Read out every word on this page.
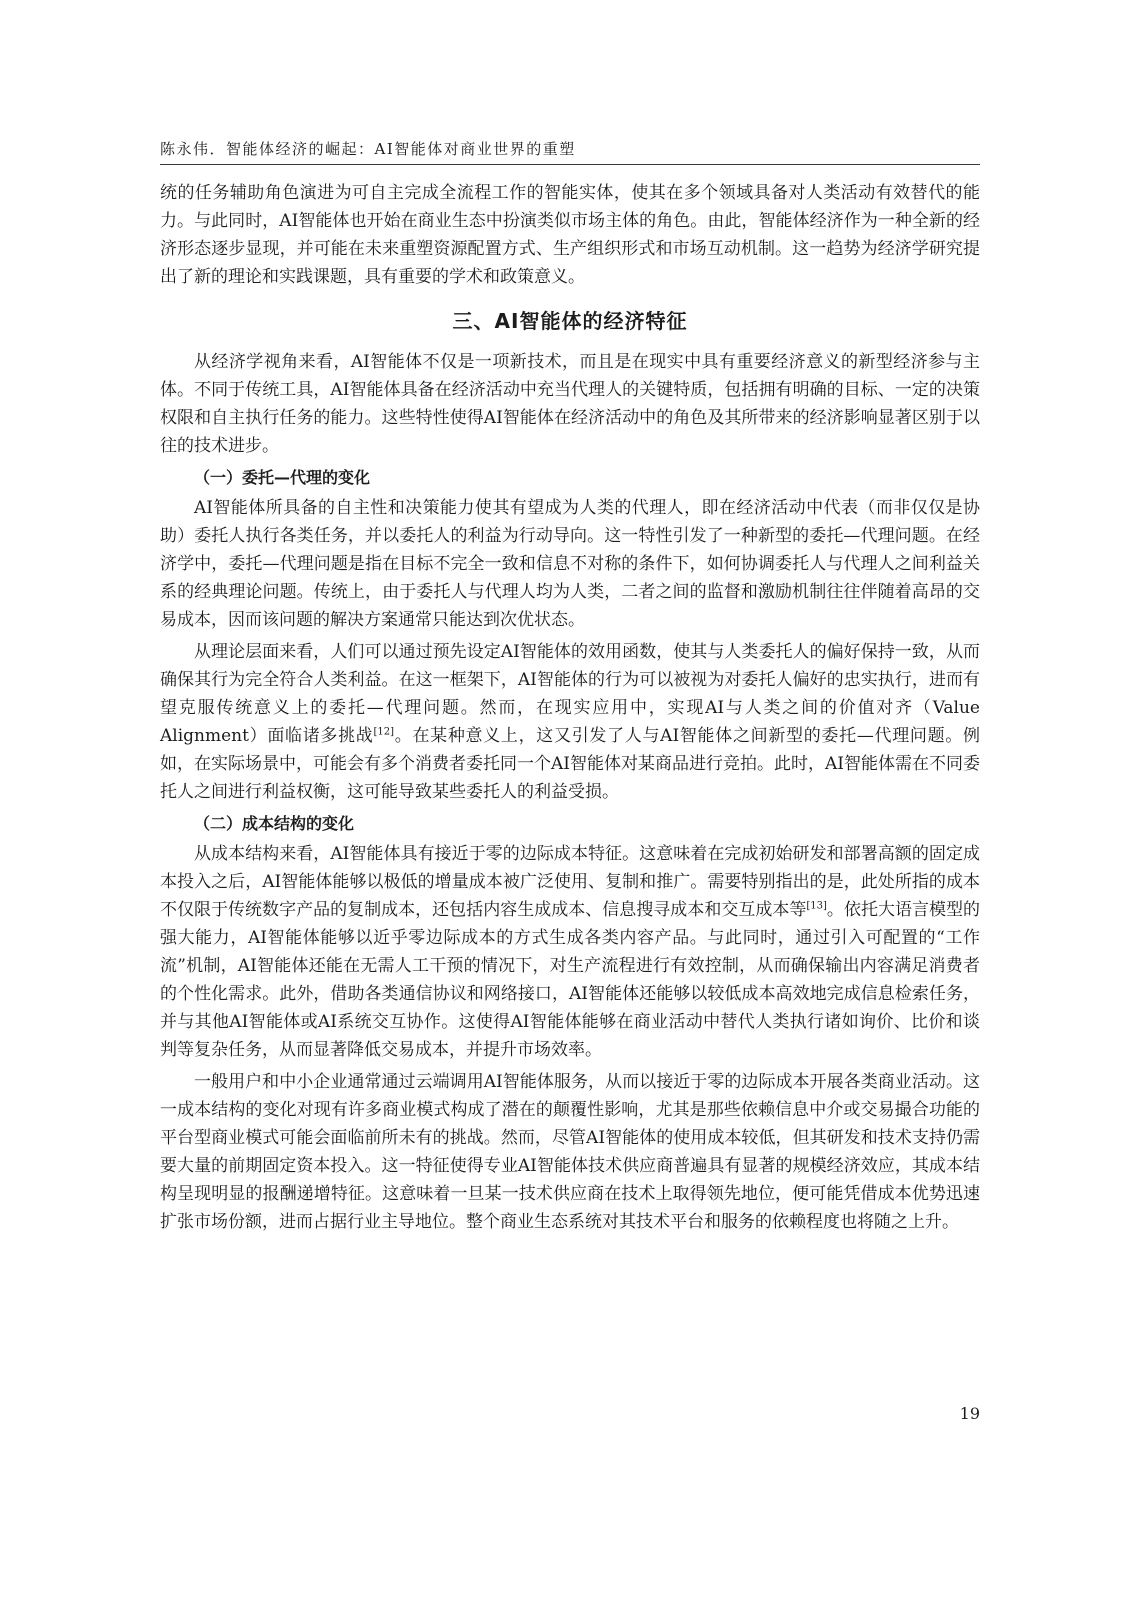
陈永伟．智能体经济的崛起：AI智能体对商业世界的重塑

统的任务辅助角色演进为可自主完成全流程工作的智能实体，使其在多个领域具备对人类活动有效替代的能力。与此同时，AI智能体也开始在商业生态中扮演类似市场主体的角色。由此，智能体经济作为一种全新的经济形态逐步显现，并可能在未来重塑资源配置方式、生产组织形式和市场互动机制。这一趋势为经济学研究提出了新的理论和实践课题，具有重要的学术和政策意义。

三、AI智能体的经济特征

从经济学视角来看，AI智能体不仅是一项新技术，而且是在现实中具有重要经济意义的新型经济参与主体。不同于传统工具，AI智能体具备在经济活动中充当代理人的关键特质，包括拥有明确的目标、一定的决策权限和自主执行任务的能力。这些特性使得AI智能体在经济活动中的角色及其所带来的经济影响显著区别于以往的技术进步。

（一）委托—代理的变化

AI智能体所具备的自主性和决策能力使其有望成为人类的代理人，即在经济活动中代表（而非仅仅是协助）委托人执行各类任务，并以委托人的利益为行动导向。这一特性引发了一种新型的委托—代理问题。在经济学中，委托—代理问题是指在目标不完全一致和信息不对称的条件下，如何协调委托人与代理人之间利益关系的经典理论问题。传统上，由于委托人与代理人均为人类，二者之间的监督和激励机制往往伴随着高昂的交易成本，因而该问题的解决方案通常只能达到次优状态。

从理论层面来看，人们可以通过预先设定AI智能体的效用函数，使其与人类委托人的偏好保持一致，从而确保其行为完全符合人类利益。在这一框架下，AI智能体的行为可以被视为对委托人偏好的忠实执行，进而有望克服传统意义上的委托—代理问题。然而，在现实应用中，实现AI与人类之间的价值对齐（Value Alignment）面临诸多挑战[12]。在某种意义上，这又引发了人与AI智能体之间新型的委托—代理问题。例如，在实际场景中，可能会有多个消费者委托同一个AI智能体对某商品进行竞拍。此时，AI智能体需在不同委托人之间进行利益权衡，这可能导致某些委托人的利益受损。

（二）成本结构的变化

从成本结构来看，AI智能体具有接近于零的边际成本特征。这意味着在完成初始研发和部署高额的固定成本投入之后，AI智能体能够以极低的增量成本被广泛使用、复制和推广。需要特别指出的是，此处所指的成本不仅限于传统数字产品的复制成本，还包括内容生成成本、信息搜寻成本和交互成本等[13]。依托大语言模型的强大能力，AI智能体能够以近乎零边际成本的方式生成各类内容产品。与此同时，通过引入可配置的“工作流”机制，AI智能体还能在无需人工干预的情况下，对生产流程进行有效控制，从而确保输出内容满足消费者的个性化需求。此外，借助各类通信协议和网络接口，AI智能体还能够以较低成本高效地完成信息检索任务，并与其他AI智能体或AI系统交互协作。这使得AI智能体能够在商业活动中替代人类执行诸如询价、比价和谈判等复杂任务，从而显著降低交易成本，并提升市场效率。

一般用户和中小企业通常通过云端调用AI智能体服务，从而以接近于零的边际成本开展各类商业活动。这一成本结构的变化对现有许多商业模式构成了潜在的颠覆性影响，尤其是那些依赖信息中介或交易撮合功能的平台型商业模式可能会面临前所未有的挑战。然而，尽管AI智能体的使用成本较低，但其研发和技术支持仍需要大量的前期固定资本投入。这一特征使得专业AI智能体技术供应商普遍具有显著的规模经济效应，其成本结构呈现明显的报酬递增特征。这意味着一旦某一技术供应商在技术上取得领先地位，便可能凭借成本优势迅速扩张市场份额，进而占据行业主导地位。整个商业生态系统对其技术平台和服务的依赖程度也将随之上升。

19
